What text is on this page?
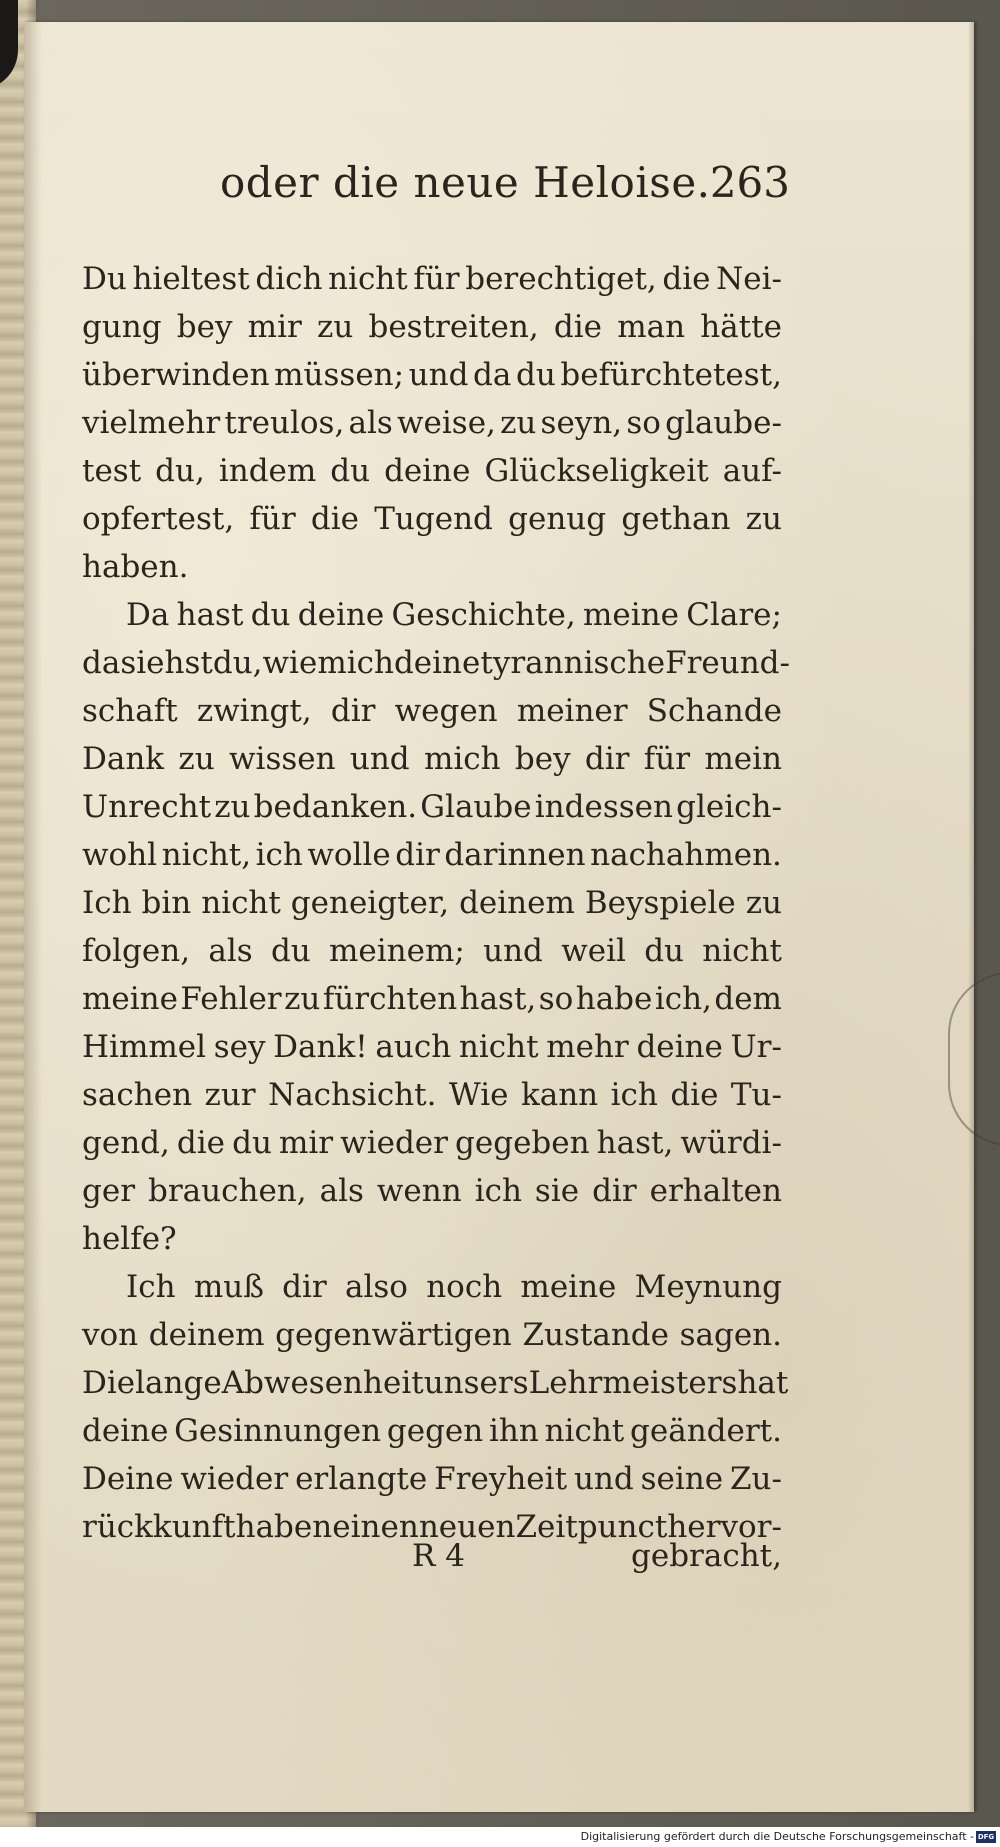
oder die neue Heloise. 263
Du hieltest dich nicht für berechtiget, die Nei-
gung bey mir zu bestreiten, die man hätte
überwinden müssen; und da du befürchtetest,
vielmehr treulos, als weise, zu seyn, so glaube-
test du, indem du deine Glückseligkeit auf-
opfertest, für die Tugend genug gethan zu
haben.
Da hast du deine Geschichte, meine Clare;
da siehst du, wie mich deine tyrannische Freund-
schaft zwingt, dir wegen meiner Schande
Dank zu wissen und mich bey dir für mein
Unrecht zu bedanken. Glaube indessen gleich-
wohl nicht, ich wolle dir darinnen nachahmen.
Ich bin nicht geneigter, deinem Beyspiele zu
folgen, als du meinem; und weil du nicht
meine Fehler zu fürchten hast, so habe ich, dem
Himmel sey Dank! auch nicht mehr deine Ur-
sachen zur Nachsicht. Wie kann ich die Tu-
gend, die du mir wieder gegeben hast, würdi-
ger brauchen, als wenn ich sie dir erhalten
helfe?
Ich muß dir also noch meine Meynung
von deinem gegenwärtigen Zustande sagen.
Die lange Abwesenheit unsers Lehrmeisters hat
deine Gesinnungen gegen ihn nicht geändert.
Deine wieder erlangte Freyheit und seine Zu-
rückkunft haben einen neuen Zeitpunct hervor-
R 4	gebracht,
Digitalisierung gefördert durch die Deutsche Forschungsgemeinschaft - DFG
